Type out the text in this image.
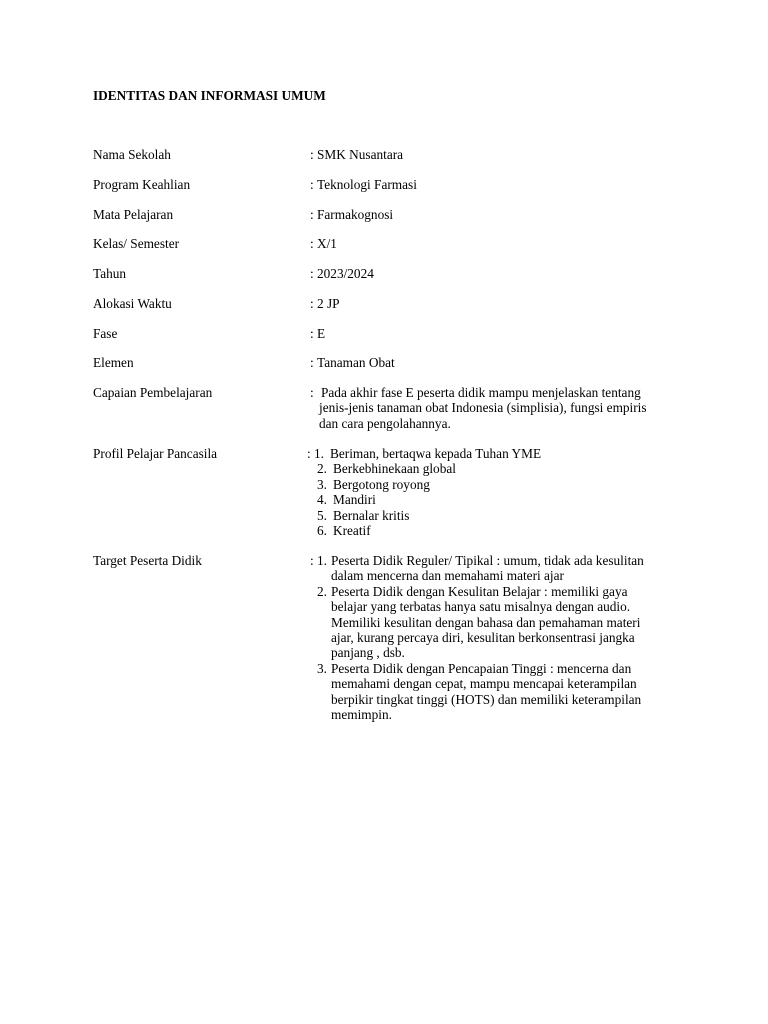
IDENTITAS DAN INFORMASI UMUM
Nama Sekolah	: SMK Nusantara
Program Keahlian	: Teknologi Farmasi
Mata Pelajaran	: Farmakognosi
Kelas/ Semester	: X/1
Tahun	: 2023/2024
Alokasi Waktu	: 2 JP
Fase	: E
Elemen	: Tanaman Obat
Capaian Pembelajaran	: Pada akhir fase E peserta didik mampu menjelaskan tentang
jenis-jenis tanaman obat Indonesia (simplisia), fungsi empiris
dan cara pengolahannya.
Profil Pelajar Pancasila	: 1. Beriman, bertaqwa kepada Tuhan YME
2. Berkebhinekaan global
3. Bergotong royong
4. Mandiri
5. Bernalar kritis
6. Kreatif
Target Peserta Didik	: 1. Peserta Didik Reguler/ Tipikal : umum, tidak ada kesulitan
dalam mencerna dan memahami materi ajar
2. Peserta Didik dengan Kesulitan Belajar : memiliki gaya
belajar yang terbatas hanya satu misalnya dengan audio.
Memiliki kesulitan dengan bahasa dan pemahaman materi
ajar, kurang percaya diri, kesulitan berkonsentrasi jangka
panjang , dsb.
3. Peserta Didik dengan Pencapaian Tinggi : mencerna dan
memahami dengan cepat, mampu mencapai keterampilan
berpikir tingkat tinggi (HOTS) dan memiliki keterampilan
memimpin.
